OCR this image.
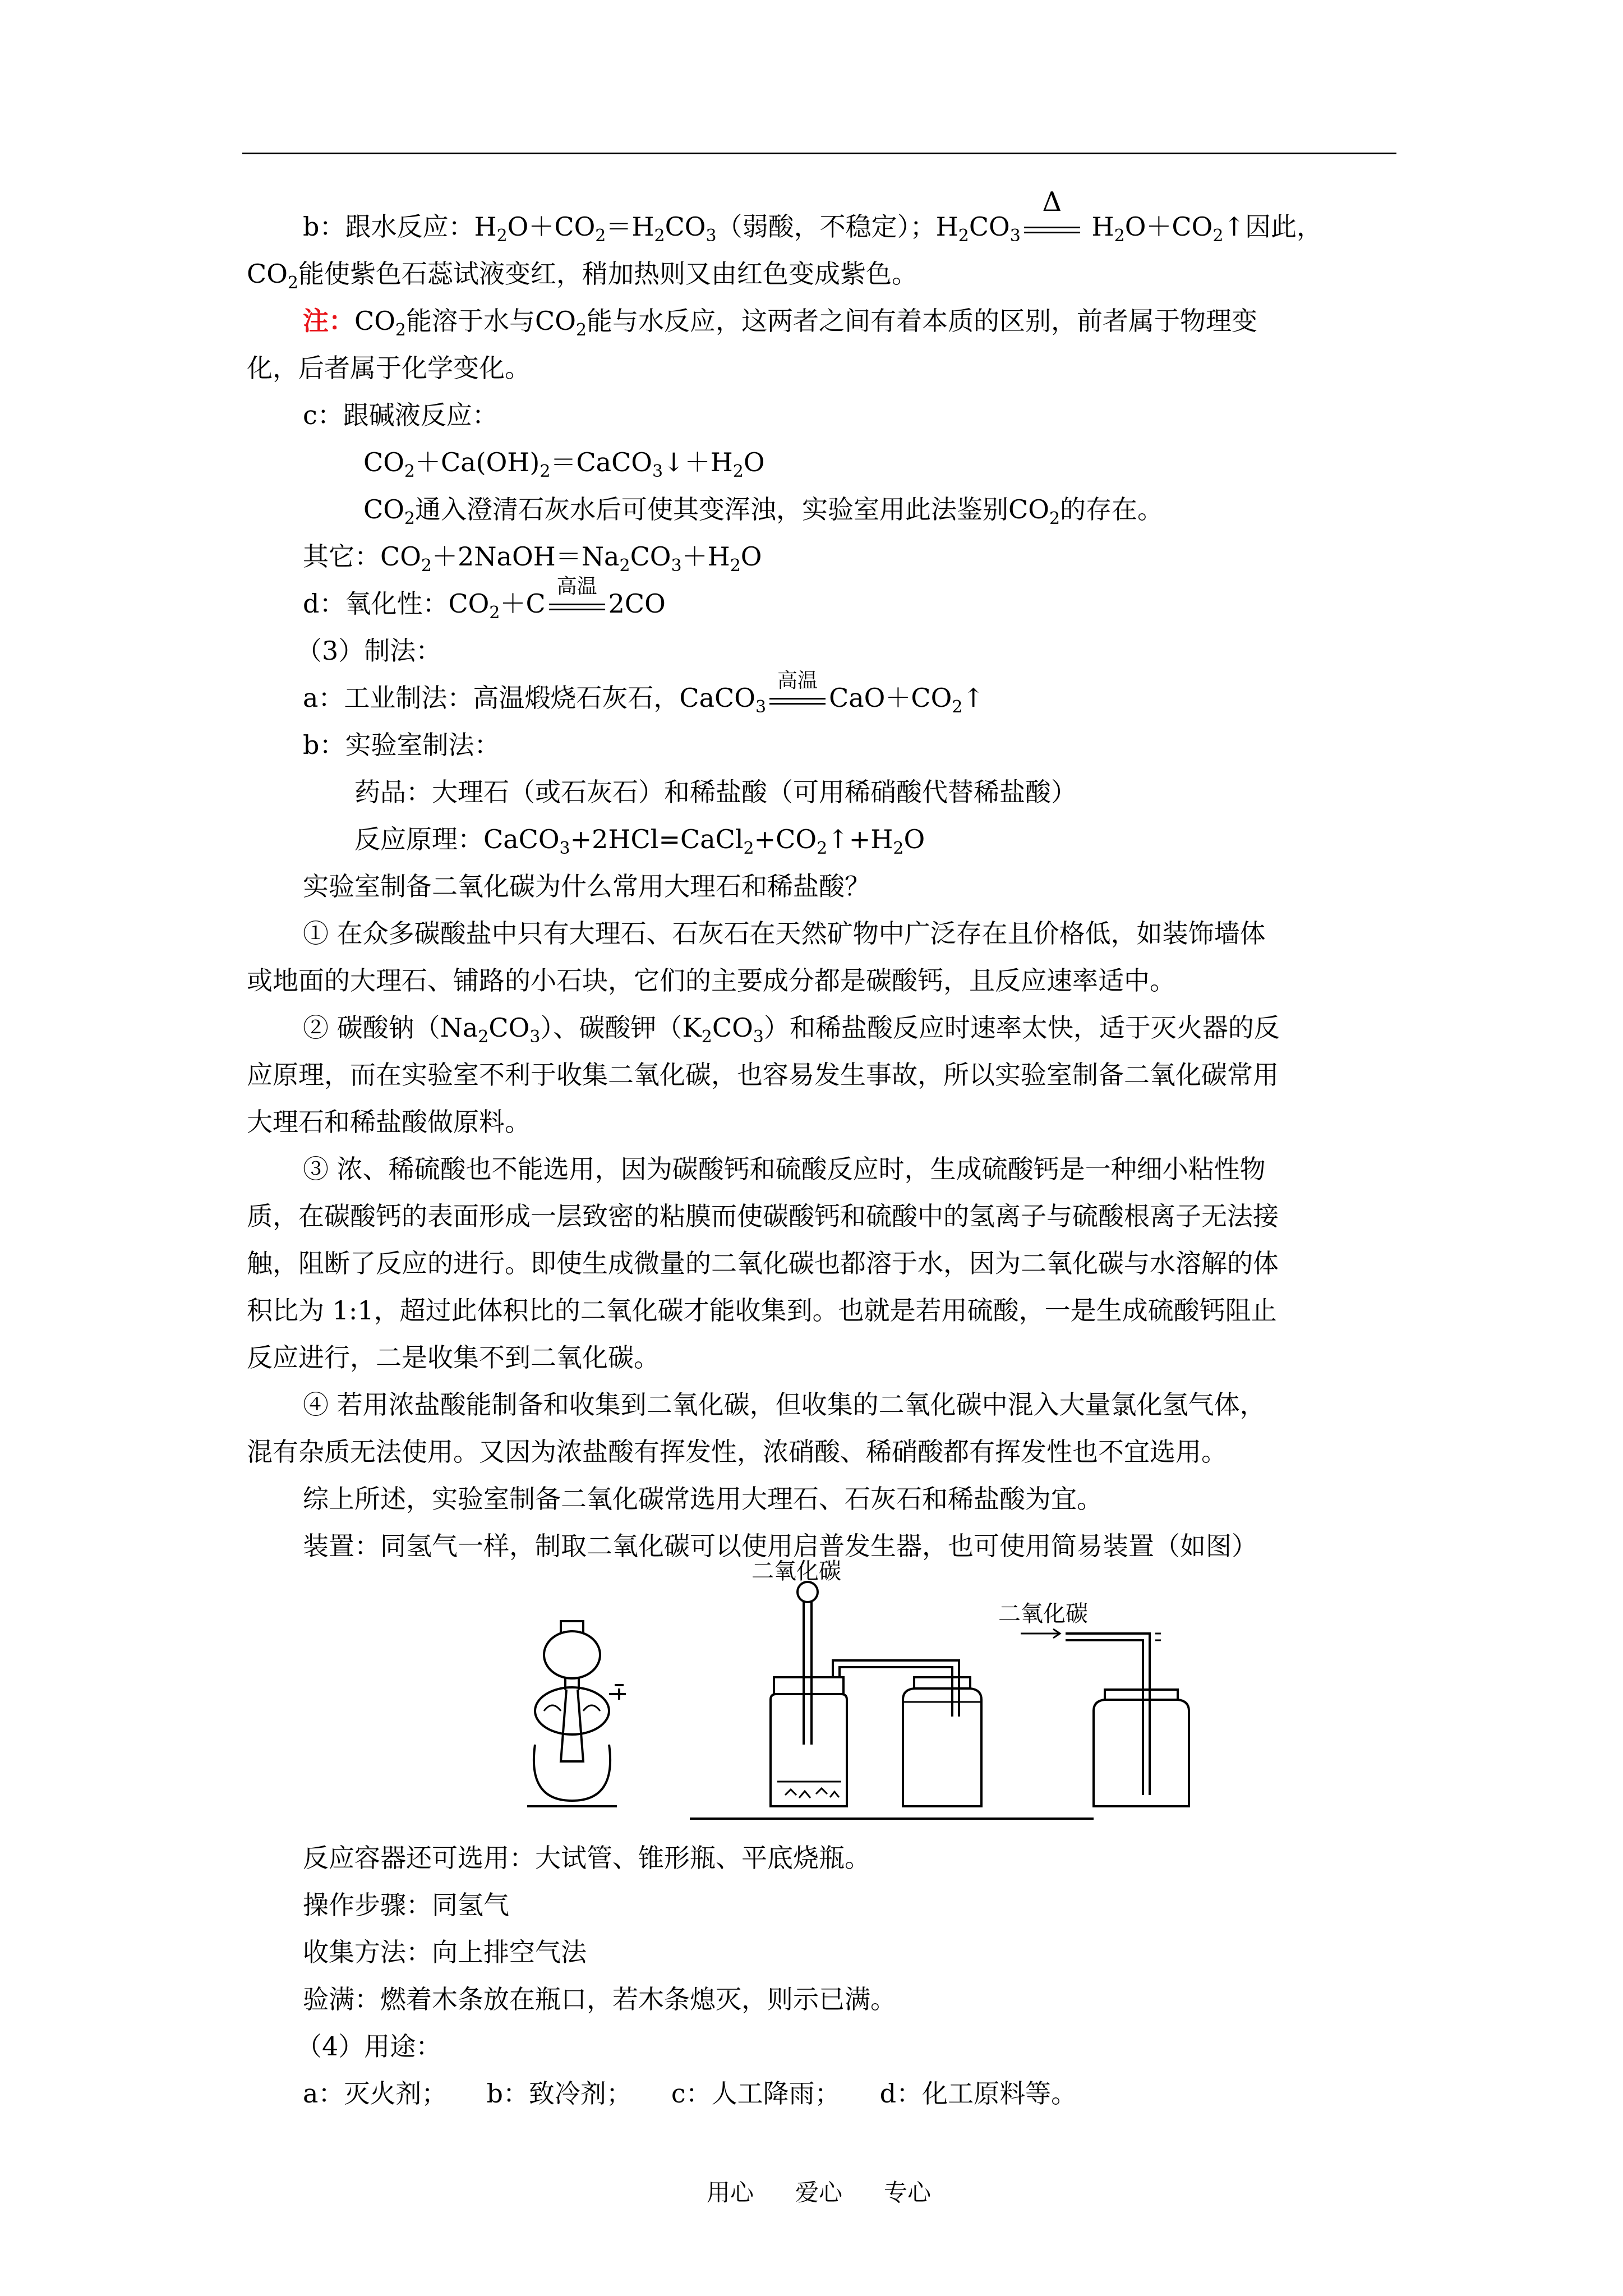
b：跟水反应：$H_2O+CO_2=H_2CO_3$（弱酸，不稳定）；$H_2CO_3$
Δ
$H_2O+CO_2↑$因此，
$CO_2$能使紫色石蕊试液变红，稍加热则又由红色变成紫色。
注：$CO_2$能溶于水与$CO_2$能与水反应，这两者之间有着本质的区别，前者属于物理变
化，后者属于化学变化。
c：跟碱液反应：
$CO_2+Ca(OH)_2=CaCO_3↓+H_2O$
$CO_2$通入澄清石灰水后可使其变浑浊，实验室用此法鉴别$CO_2$的存在。
其它：$CO_2+2NaOH=Na_2CO_3+H_2O$
d：氧化性：$CO_2+C$
高温
2CO
（3）制法：
a：工业制法：高温煅烧石灰石，CaCO$_3$
高温
$CaO+CO_2↑$
b：实验室制法：
药品：大理石（或石灰石）和稀盐酸（可用稀硝酸代替稀盐酸）
反应原理：$CaCO_3+2HCl=CaCl_2+CO_2↑+H_2O$
实验室制备二氧化碳为什么常用大理石和稀盐酸？
① 在众多碳酸盐中只有大理石、石灰石在天然矿物中广泛存在且价格低，如装饰墙体
或地面的大理石、铺路的小石块，它们的主要成分都是碳酸钙，且反应速率适中。
② 碳酸钠$(Na_2CO_3)$、碳酸钾$(K_2CO_3)$和稀盐酸反应时速率太快，适于灭火器的反
应原理，而在实验室不利于收集二氧化碳，也容易发生事故，所以实验室制备二氧化碳常用
大理石和稀盐酸做原料。
③ 浓、稀硫酸也不能选用，因为碳酸钙和硫酸反应时，生成硫酸钙是一种细小粘性物
质，在碳酸钙的表面形成一层致密的粘膜而使碳酸钙和硫酸中的氢离子与硫酸根离子无法接
触，阻断了反应的进行。即使生成微量的二氧化碳也都溶于水，因为二氧化碳与水溶解的体
积比为 1:1，超过此体积比的二氧化碳才能收集到。也就是若用硫酸，一是生成硫酸钙阻止
反应进行，二是收集不到二氧化碳。
④ 若用浓盐酸能制备和收集到二氧化碳，但收集的二氧化碳中混入大量氯化氢气体，
混有杂质无法使用。又因为浓盐酸有挥发性，浓硝酸、稀硝酸都有挥发性也不宜选用。
综上所述，实验室制备二氧化碳常选用大理石、石灰石和稀盐酸为宜。
装置：同氢气一样，制取二氧化碳可以使用启普发生器，也可使用简易装置（如图）
二氧化碳
二氧化碳
反应容器还可选用：大试管、锥形瓶、平底烧瓶。
操作步骤：同氢气
收集方法：向上排空气法
验满：燃着木条放在瓶口，若木条熄灭，则示已满。
（4）用途：
a：灭火剂； b：致冷剂； c：人工降雨； d：化工原料等。
用心 爱心 专心
